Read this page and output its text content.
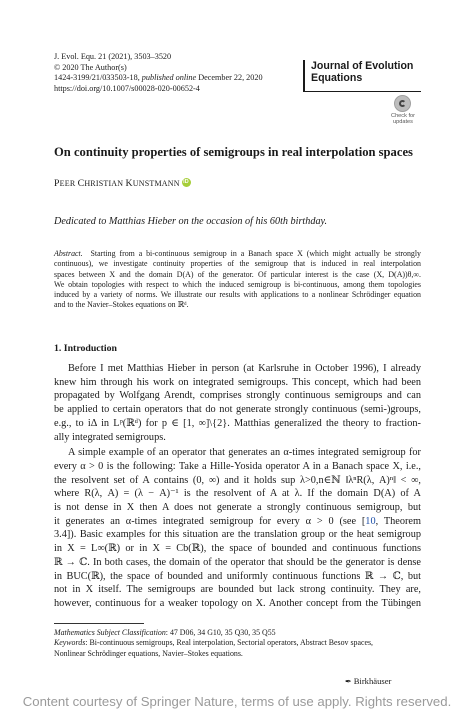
J. Evol. Equ. 21 (2021), 3503–3520
© 2020 The Author(s)
1424-3199/21/033503-18, published online December 22, 2020
https://doi.org/10.1007/s00028-020-00652-4
Journal of Evolution
Equations
Check for
updates
On continuity properties of semigroups in real interpolation spaces
PEER CHRISTIAN KUNSTMANNiD
Dedicated to Matthias Hieber on the occasion of his 60th birthday.
Abstract. Starting from a bi-continuous semigroup in a Banach space X (which might actually be strongly
continuous), we investigate continuity properties of the semigroup that is induced in real interpolation
spaces between X and the domain D(A) of the generator. Of particular interest is the case (X, D(A))θ,∞.
We obtain topologies with respect to which the induced semigroup is bi-continuous, among them topologies
induced by a variety of norms. We illustrate our results with applications to a nonlinear Schrödinger equation
and to the Navier–Stokes equations on ℝᵈ.
1. Introduction
Before I met Matthias Hieber in person (at Karlsruhe in October 1996), I already
knew him through his work on integrated semigroups. This concept, which had been
propagated by Wolfgang Arendt, comprises strongly continuous semigroups and can
be applied to certain operators that do not generate strongly continuous (semi-)groups,
e.g., to iΔ in Lᵖ(ℝᵈ) for p ∈ [1, ∞]\{2}. Matthias generalized the theory to fraction-
ally integrated semigroups.
A simple example of an operator that generates an α-times integrated semigroup for
every α > 0 is the following: Take a Hille-Yosida operator A in a Banach space X, i.e.,
the resolvent set of A contains (0, ∞) and it holds sup λ>0,n∈ℕ ‖λⁿR(λ, A)ⁿ‖ < ∞,
where R(λ, A) = (λ − A)⁻¹ is the resolvent of A at λ. If the domain D(A) of A
is not dense in X then A does not generate a strongly continuous semigroup, but
it generates an α-times integrated semigroup for every α > 0 (see [10, Theorem
3.4]). Basic examples for this situation are the translation group or the heat semigroup
in X = L∞(ℝ) or in X = Cb(ℝ), the space of bounded and continuous functions
ℝ → ℂ. In both cases, the domain of the operator that should be the generator is dense
in BUC(ℝ), the space of bounded and uniformly continuous functions ℝ → ℂ, but
not in X itself. The semigroups are bounded but lack strong continuity. They are,
however, continuous for a weaker topology on X. Another concept from the Tübingen
Mathematics Subject Classification: 47 D06, 34 G10, 35 Q30, 35 Q55
Keywords: Bi-continuous semigroups, Real interpolation, Sectorial operators, Abstract Besov spaces,
Nonlinear Schrödinger equations, Navier–Stokes equations.
✒ Birkhäuser
Content courtesy of Springer Nature, terms of use apply. Rights reserved.
